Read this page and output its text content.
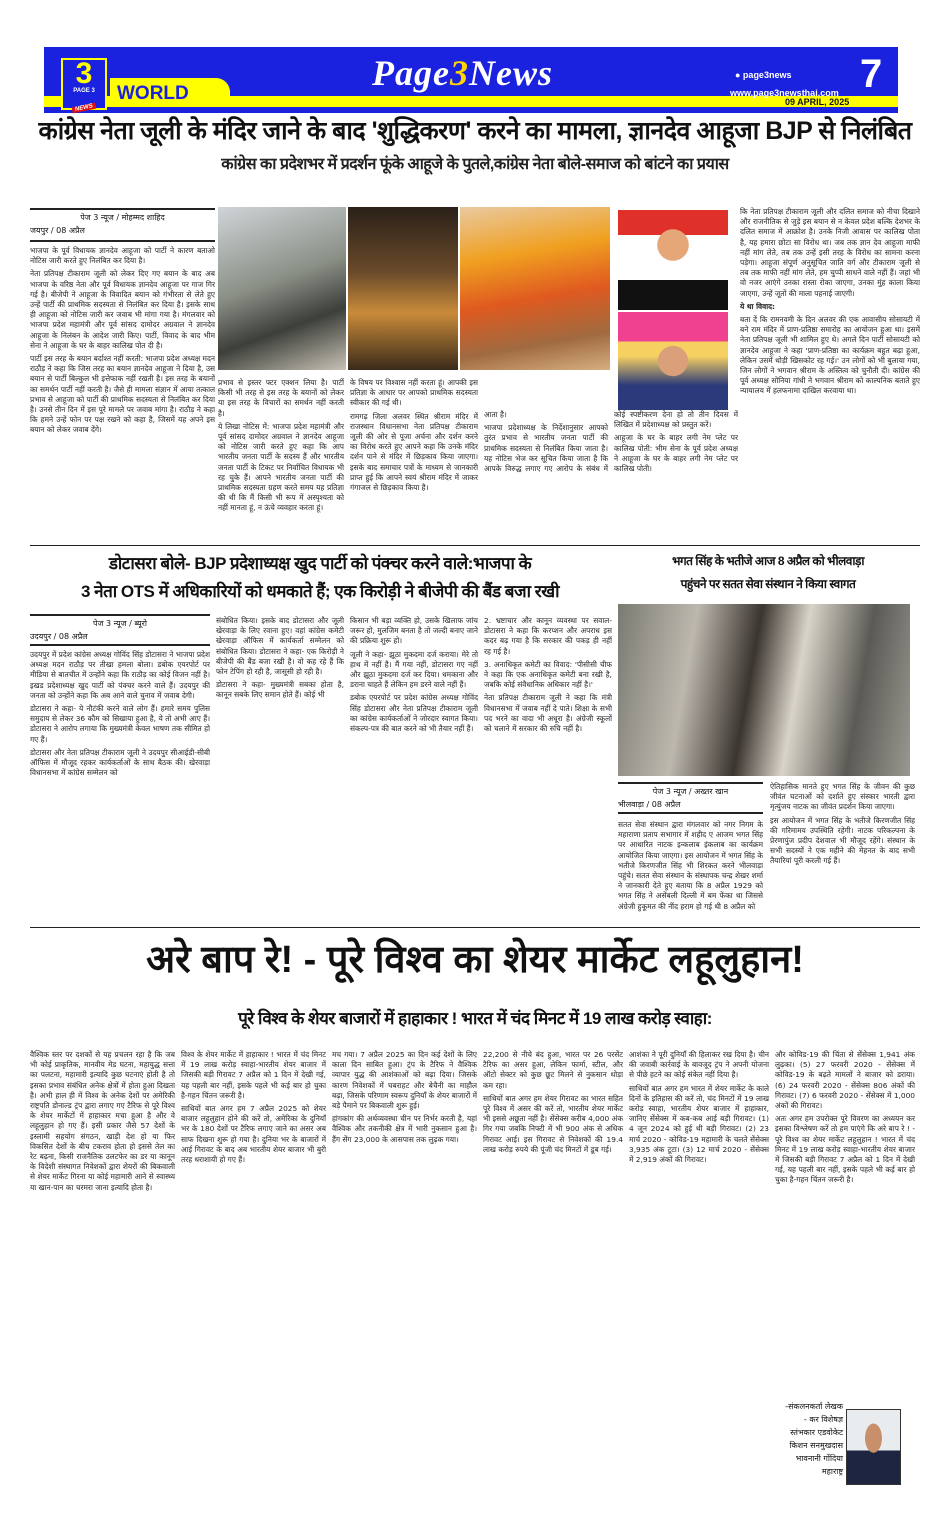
3
PAGE 3
NEWS
WORLD
Page3News	● page3news
www.page3newsthai.com 7
09 APRIL, 2025
कांग्रेस नेता जूली के मंदिर जाने के बाद 'शुद्धिकरण' करने का मामला, ज्ञानदेव आहूजा BJP से निलंबित
कांग्रेस का प्रदेशभर में प्रदर्शन फूंके आहूजे के पुतले,कांग्रेस नेता बोले-समाज को बांटने का प्रयास
पेज 3 न्यूज / मोहम्मद शाहिद
जयपुर / 08 अप्रैल

भाजपा के पूर्व विधायक ज्ञानदेव आहूजा को पार्टी ने कारण बताओ नोटिस जारी करते हुए निलंबित कर दिया है।

नेता प्रतिपक्ष टीकाराम जूली को लेकर दिए गए बयान के बाद अब भाजपा के वरिष्ठ नेता और पूर्व विधायक ज्ञानदेव आहूजा पर गाज गिर गई है। बीजेपी ने आहूजा के विवादित बयान को गंभीरता से लेते हुए उन्हें पार्टी की प्राथमिक सदस्यता से निलंबित कर दिया है। इसके साथ ही आहूजा को नोटिस जारी कर जवाब भी मांगा गया है। मंगलवार को भाजपा प्रदेश महामंत्री और पूर्व सांसद दामोदर अग्रवाल ने ज्ञानदेव आहूजा के निलंबन के आदेश जारी किए। पार्टी, विवाद के बाद भीम सेना ने आहूजा के घर के बाहर कालिख पोत दी है।

पार्टी इस तरह के बयान बर्दाश्त नहीं करती: भाजपा प्रदेश अध्यक्ष मदन राठौड़ ने कहा कि जिस तरह का बयान ज्ञानदेव आहूजा ने दिया है, उस बयान से पार्टी बिल्कुल भी इत्तेफाक नहीं रखती है। इस तरह के बयानों का समर्थन पार्टी नहीं करती है। जैसे ही मामला संज्ञान में आया तत्काल प्रभाव से आहूजा को पार्टी की प्राथमिक सदस्यता से निलंबित कर दिया है। उनसे तीन दिन में इस पूरे मामले पर जवाब मांगा है। राठौड़ ने कहा कि हमने उन्हें फोन पर पक्ष रखने को कहा है, जिसमें यह अपने इस बयान को लेकर जवाब देंगे।

प्रभाव से इस्तर फ्टर एक्शन लिया है। पार्टी किसी भी तरह से इस तरह के बयानों को लेकर या इस तरह के विचारों का समर्थन नहीं करती है।

ये लिखा नोटिस में: भाजपा प्रदेश महामंत्री और पूर्व सांसद दामोदर अग्रवाल ने ज्ञानदेव आहूजा को नोटिस जारी करते हुए कहा कि आप भारतीय जनता पार्टी के सदस्य हैं और भारतीय जनता पार्टी के टिकट पर निर्वाचित विधायक भी रह चुके हैं। आपने भारतीय जनता पार्टी की प्राथमिक सदस्यता ग्रहण करते समय यह प्रतिज्ञा की थी कि मैं किसी भी रूप में अस्पृश्यता को नहीं मानता हूं, न ऊंचे व्यवहार करता हूं।

के विषय पर विश्वास नहीं करता हूं। आपकी इस प्रतिज्ञा के आधार पर आपको प्राथमिक सदस्यता स्वीकार की गई थी।

रामगढ़ जिला अलवर स्थित श्रीराम मंदिर में राजस्थान विधानसभा नेता प्रतिपक्ष टीकाराम जूली की ओर से पूजा अर्चना और दर्शन करने का विरोध करते हुए आपने कहा कि उनके मंदिर दर्शन पाने से मंदिर में छिड़काव किया जाएगा। इसके बाद समाचार पत्रों के माध्यम से जानकारी प्राप्त हुई कि आपने स्वयं श्रीराम मंदिर में जाकर गंगाजल से छिड़काव किया है।

आता है।

भाजपा प्रदेशाध्यक्ष के निर्देशानुसार आपको तुरंत प्रभाव से भारतीय जनता पार्टी की प्राथमिक सदस्यता से निलंबित किया जाता है। यह नोटिस भेज कर सूचित किया जाता है कि आपके विरुद्ध लगाए गए आरोप के संबंध में कोई स्पष्टीकरण देना हो तो तीन दिवस में लिखित में प्रदेशाध्यक्ष को प्रस्तुत करें।

आहूजा के घर के बाहर लगी नेम प्लेट पर कालिख पोती: भीम सेना के पूर्व प्रदेश अध्यक्ष ने आहूजा के घर के बाहर लगी नेम प्लेट पर कालिख पोती।

कि नेता प्रतिपक्ष टीकाराम जूली और दलित समाज को नीचा दिखाने और राजनीतिक से जुड़े इस बयान से न केवल प्रदेश बल्कि देशभर के दलित समाज में आक्रोश है। उनके निजी आवास पर कालिख पोता है, यह हमारा छोटा सा विरोध था। जब तक ज्ञान देव आहूजा माफी नहीं मांग लेते, तब तक उन्हें इसी तरह के विरोध का सामना करना पड़ेगा। आहूजा संपूर्ण अनुसूचित जाति वर्ग और टीकाराम जूली से तब तक माफी नहीं मांग लेते, हम चुप्पी साधने वाले नहीं हैं। जहां भी वो नजर आएंगे उनका रास्ता रोका जाएगा, उनका मुंह काला किया जाएगा, उन्हें जूतों की माला पहनाई जाएगी।

ये था विवाद:

बता दें कि रामनवमी के दिन अलवर की एक आवासीय सोसायटी में बने राम मंदिर में प्राण-प्रतिष्ठा समारोह का आयोजन हुआ था। इसमें नेता प्रतिपक्ष जूली भी शामिल हुए थे। अगले दिन पार्टी सोसायटी को ज्ञानदेव आहूजा ने कहा 'प्राण-प्रतिष्ठा का कार्यक्रम बहुत बढ़ा हुआ, लेकिन उसमें थोड़ी खिसकोट रह गई।' उन लोगों को भी बुलाया गया, जिन लोगों ने भगवान श्रीराम के अस्तित्व को चुनौती दी। कांग्रेस की पूर्व अध्यक्ष सोनिया गांधी ने भगवान श्रीराम को काल्पनिक बताते हुए न्यायालय में हलफनामा दाखिल करवाया था।

डोटासरा बोले- BJP प्रदेशाध्यक्ष खुद पार्टी को पंक्चर करने वाले:भाजपा के
3 नेता OTS में अधिकारियों को धमकाते हैं; एक किरोड़ी ने बीजेपी की बैंड बजा रखी
पेज 3 न्यूज / ब्यूरो
उदयपुर / 08 अप्रैल

उदयपुर में प्रदेश कांग्रेस अध्यक्ष गोविंद सिंह डोटासरा ने भाजपा प्रदेश अध्यक्ष मदन राठौड़ पर तीखा हमला बोला। डबोक एयरपोर्ट पर मीडिया से बातचीत में उन्होंने कहा कि राठौड़ का कोई विजन नहीं है। इखड प्रदेशाध्यक्ष खुद पार्टी को पंक्चर करने वाले हैं। उदयपुर की जनता को उन्होंने कहा कि अब आने वाले चुनाव में जवाब देगी।

डोटासरा ने कहा- ये नौटंकी करने वाले लोग हैं। हमारे समय पुलिस समुदाय से लेकर 36 कौम को सिखाया हुआ है, ये तो अभी आए हैं। डोटासरा ने आरोप लगाया कि मुख्यमंत्री केवल भाषण तक सीमित हो गए हैं।

डोटासरा और नेता प्रतिपक्ष टीकाराम जूली ने उदयपुर सीआईडी-सीबी ऑफिस में मौजूद रहकर कार्यकर्ताओं के साथ बैठक की। खेरवाड़ा विधानसभा में कांग्रेस सम्मेलन को

संबोधित किया। इसके बाद डोटासरा और जूली खेरवाड़ा के लिए रवाना हुए। वहां कांग्रेस कमेटी खेरवाड़ा ऑफिस में कार्यकर्ता सम्मेलन को संबोधित किया। डोटासरा ने कहा- एक किरोड़ी ने बीजेपी की बैंड बजा रखी है। वो कह रहे हैं कि फोन टेपिंग हो रही है, जासूसी हो रही है।

डोटासरा ने कहा- मुख्यमंत्री सबका होता है, कानून सबके लिए समान होते हैं। कोई भी

किसान भी बड़ा व्यक्ति हो, उसके खिलाफ जांच जरूर हो, मुलजिम बनता है तो जल्दी बनाए जाने की प्रक्रिया शुरू हो।

जूली ने कहा- झूठा मुकदमा दर्ज कराया। मेरे तो हाथ में नहीं है। मैं गया नहीं, डोटासरा गए नहीं और झूठा मुकदमा दर्ज कर दिया। धमकाना और डराना चाहते हैं लेकिन हम डरने वाले नहीं हैं।

डबोक एयरपोर्ट पर प्रदेश कांग्रेस अध्यक्ष गोविंद सिंह डोटासरा और नेता प्रतिपक्ष टीकाराम जूली का कांग्रेस कार्यकर्ताओं ने जोरदार स्वागत किया। संकल्प-पत्र की बात करने को भी तैयार नहीं हैं।

2. भ्रष्टाचार और कानून व्यवस्था पर सवाल- डोटासरा ने कहा कि करप्शन और अपराध इस कदर बढ़ गया है कि सरकार की पकड़ ही नहीं रह गई है।

3. अनाधिकृत कमेटी का विवाद: 'पीसीसी चीफ ने कहा कि एक अनाधिकृत कमेटी बना रखी है, जबकि कोई संवैधानिक अधिकार नहीं है।'

नेता प्रतिपक्ष टीकाराम जूली ने कहा कि मंत्री विधानसभा में जवाब नहीं दे पाते। शिक्षा के सभी पद भरने का वादा भी अधूरा है। अंग्रेजी स्कूलों को चलाने में सरकार की रुचि नहीं है।

भगत सिंह के भतीजे आज 8 अप्रैल को भीलवाड़ा
पहुंचने पर सतत सेवा संस्थान ने किया स्वागत
पेज 3 न्यूज / अख्तर खान
भीलवाड़ा / 08 अप्रैल

सतत सेवा संस्थान द्वारा मंगलवार को नगर निगम के महाराणा प्रताप सभागार में शहीद ए आजम भगत सिंह पर आधारित नाटक इन्कलाब इंकलाब का कार्यक्रम आयोजित किया जाएगा। इस आयोजन में भगत सिंह के भतीजे किरणजीत सिंह भी शिरकत करने भीलवाड़ा पहुंचे। सतत सेवा संस्थान के संस्थापक चन्द्र शेखर शर्मा ने जानकारी देते हुए बताया कि 8 अप्रैल 1929 को भगत सिंह ने असेंबली दिल्ली में बम फेंका था जिससे अंग्रेजी हुकूमत की नींद हराम हो गई थी 8 अप्रैल को

ऐतिहासिक मानते हुए भगत सिंह के जीवन की कुछ जीवंत घटनाओं को दर्शाते हुए संस्कार भारती द्वारा मृत्युंजय नाटक का जीवंत प्रदर्शन किया जाएगा।

इस आयोजन में भगत सिंह के भतीजे किरणजीत सिंह की गरिमामय उपस्थिति रहेगी। नाटक परिकल्पना के प्रेरणापुंज प्रदीप देशवाल भी मौजूद रहेंगे। संस्थान के सभी सदस्यों ने एक महीने की मेहनत के बाद सभी तैयारियां पूरी करली गई हैं।

अरे बाप रे! - पूरे विश्व का शेयर मार्केट लहूलुहान!
पूरे विश्व के शेयर बाजारों में हाहाकार ! भारत में चंद मिनट में 19 लाख करोड़ स्वाहा:

वैश्विक स्तर पर दशकों से यह प्रचलन रहा है कि जब भी कोई प्राकृतिक, मानवीय मेड घटना, महायुद्ध सत्ता का पलटना, महामारी इत्यादि कुछ घटनाएं होती है तो इसका प्रभाव संबंधित अनेक क्षेत्रों में होता हुआ दिखता है। अभी हाल ही में विश्व के अनेक देशों पर अमेरिकी राष्ट्रपति डोनाल्ड ट्रंप द्वारा लगाए गए टैरिफ से पूरे विश्व के शेयर मार्केटों में हाहाकार मचा हुआ है और वे लहूलुहान हो गए हैं। इसी प्रकार जैसे 57 देशों के इस्लामी सहयोग संगठन, खाड़ी देश हो या फिर विकसित देशों के बीच टकराव होता हो इससे तेल का रेट बढ़ना, किसी राजनैतिक उलटफेर का डर या कानून के विदेशी संस्थागत निवेशकों द्वारा शेयरों की बिकवाली से शेयर मार्केट गिरना या कोई महामारी आने से स्वास्थ्य या खान-पान का चरमरा जाना इत्यादि होता है।

विश्व के शेयर मार्केट में हाहाकार ! भारत में चंद मिनट में 19 लाख करोड़ स्वाहा-भारतीय शेयर बाजार में जिसकी बड़ी गिरावट 7 अप्रैल को 1 दिन में देखी गई, यह पहली बार नहीं, इसके पहले भी कई बार हो चुका है-गहन चिंतन जरूरी है।

साथियों बात अगर हम 7 अप्रैल 2025 को शेयर बाजार लहूलुहान होने की करें तो, अमेरिका के दुनियाँ भर के 180 देशों पर टैरिफ लगाए जाने का असर अब साफ दिखना शुरू हो गया है। दुनिया भर के बाजारों में आई गिरावट के बाद अब भारतीय शेयर बाजार भी बुरी तरह धराशायी हो गए हैं।

मच गया। 7 अप्रैल 2025 का दिन कई देशों के लिए काला दिन साबित हुआ। ट्रंप के टैरिफ ने वैश्विक व्यापार युद्ध की आशंकाओं को बढ़ा दिया। जिसके कारण निवेशकों में घबराहट और बेचैनी का माहौल बढ़ा, जिसके परिणाम स्वरूप दुनियाँ के शेयर बाजारों में बड़े पैमाने पर बिकवाली शुरू हुई।

हांगकांग की अर्थव्यवस्था चीन पर निर्भर करती है, यहां वैश्विक और तकनीकी क्षेत्र में भारी नुकसान हुआ है। हैंग सेंग 23,000 के आसपास तक लुढ़क गया।

22,200 से नीचे बंद हुआ, भारत पर 26 परसेंट टैरिफ का असर हुआ, लेकिन फार्मा, स्टील, और ऑटो सेक्टर को कुछ छूट मिलने से नुकसान थोड़ा कम रहा।

साथियों बात अगर हम शेयर गिरावट का भारत सहित पूरे विश्व में असर की करें तो, भारतीय शेयर मार्केट भी इससे अछूता नहीं है। सेंसेक्स करीब 4,000 अंक गिर गया जबकि निफ्टी में भी 900 अंक से अधिक गिरावट आई। इस गिरावट से निवेशकों की 19.4 लाख करोड़ रुपये की पूंजी चंद मिनटों में डूब गई।

आशंका ने पूरी दुनियाँ की हिलाकर रख दिया है। चीन की जवाबी कार्रवाई के बावजूद ट्रंप ने अपनी योजना से पीछे हटने का कोई संकेत नहीं दिया है।

साथियों बात अगर हम भारत में शेयर मार्केट के काले दिनों के इतिहास की करें तो, चंद मिनटों में 19 लाख करोड़ स्वाहा, भारतीय शेयर बाजार में हाहाकार, जानिए सेंसेक्स में कब-कब आई बड़ी गिरावट। (1) 4 जून 2024 को हुई थी बड़ी गिरावट। (2) 23 मार्च 2020 - कोविड-19 महामारी के चलते सेंसेक्स 3,935 अंक टूटा। (3) 12 मार्च 2020 - सेंसेक्स में 2,919 अंकों की गिरावट।

और कोविड-19 की चिंता से सेंसेक्स 1,941 अंक लुढ़का। (5) 27 फरवरी 2020 - सेंसेक्स में कोविड-19 के बढ़ते मामलों ने बाजार को डराया। (6) 24 फरवरी 2020 - सेंसेक्स 806 अंकों की गिरावट। (7) 6 फरवरी 2020 - सेंसेक्स में 1,000 अंकों की गिरावट।

अतः अगर हम उपरोक्त पूरे विवरण का अध्ययन कर इसका विश्लेषण करें तो हम पाएंगे कि अरे बाप रे ! - पूरे विश्व का शेयर मार्केट लहूलुहान ! भारत में चंद मिनट में 19 लाख करोड़ स्वाहा-भारतीय शेयर बाजार में जिसकी बड़ी गिरावट 7 अप्रैल को 1 दिन में देखी गई, यह पहली बार नहीं, इसके पहले भी कई बार हो चुका है-गहन चिंतन जरूरी है।

-संकलनकर्ता लेखक
- कर विशेषज्ञ
स्तंभकार एडवोकेट
किशन सनमुखदास
भावनानी गोंदिया
महाराष्ट्र
